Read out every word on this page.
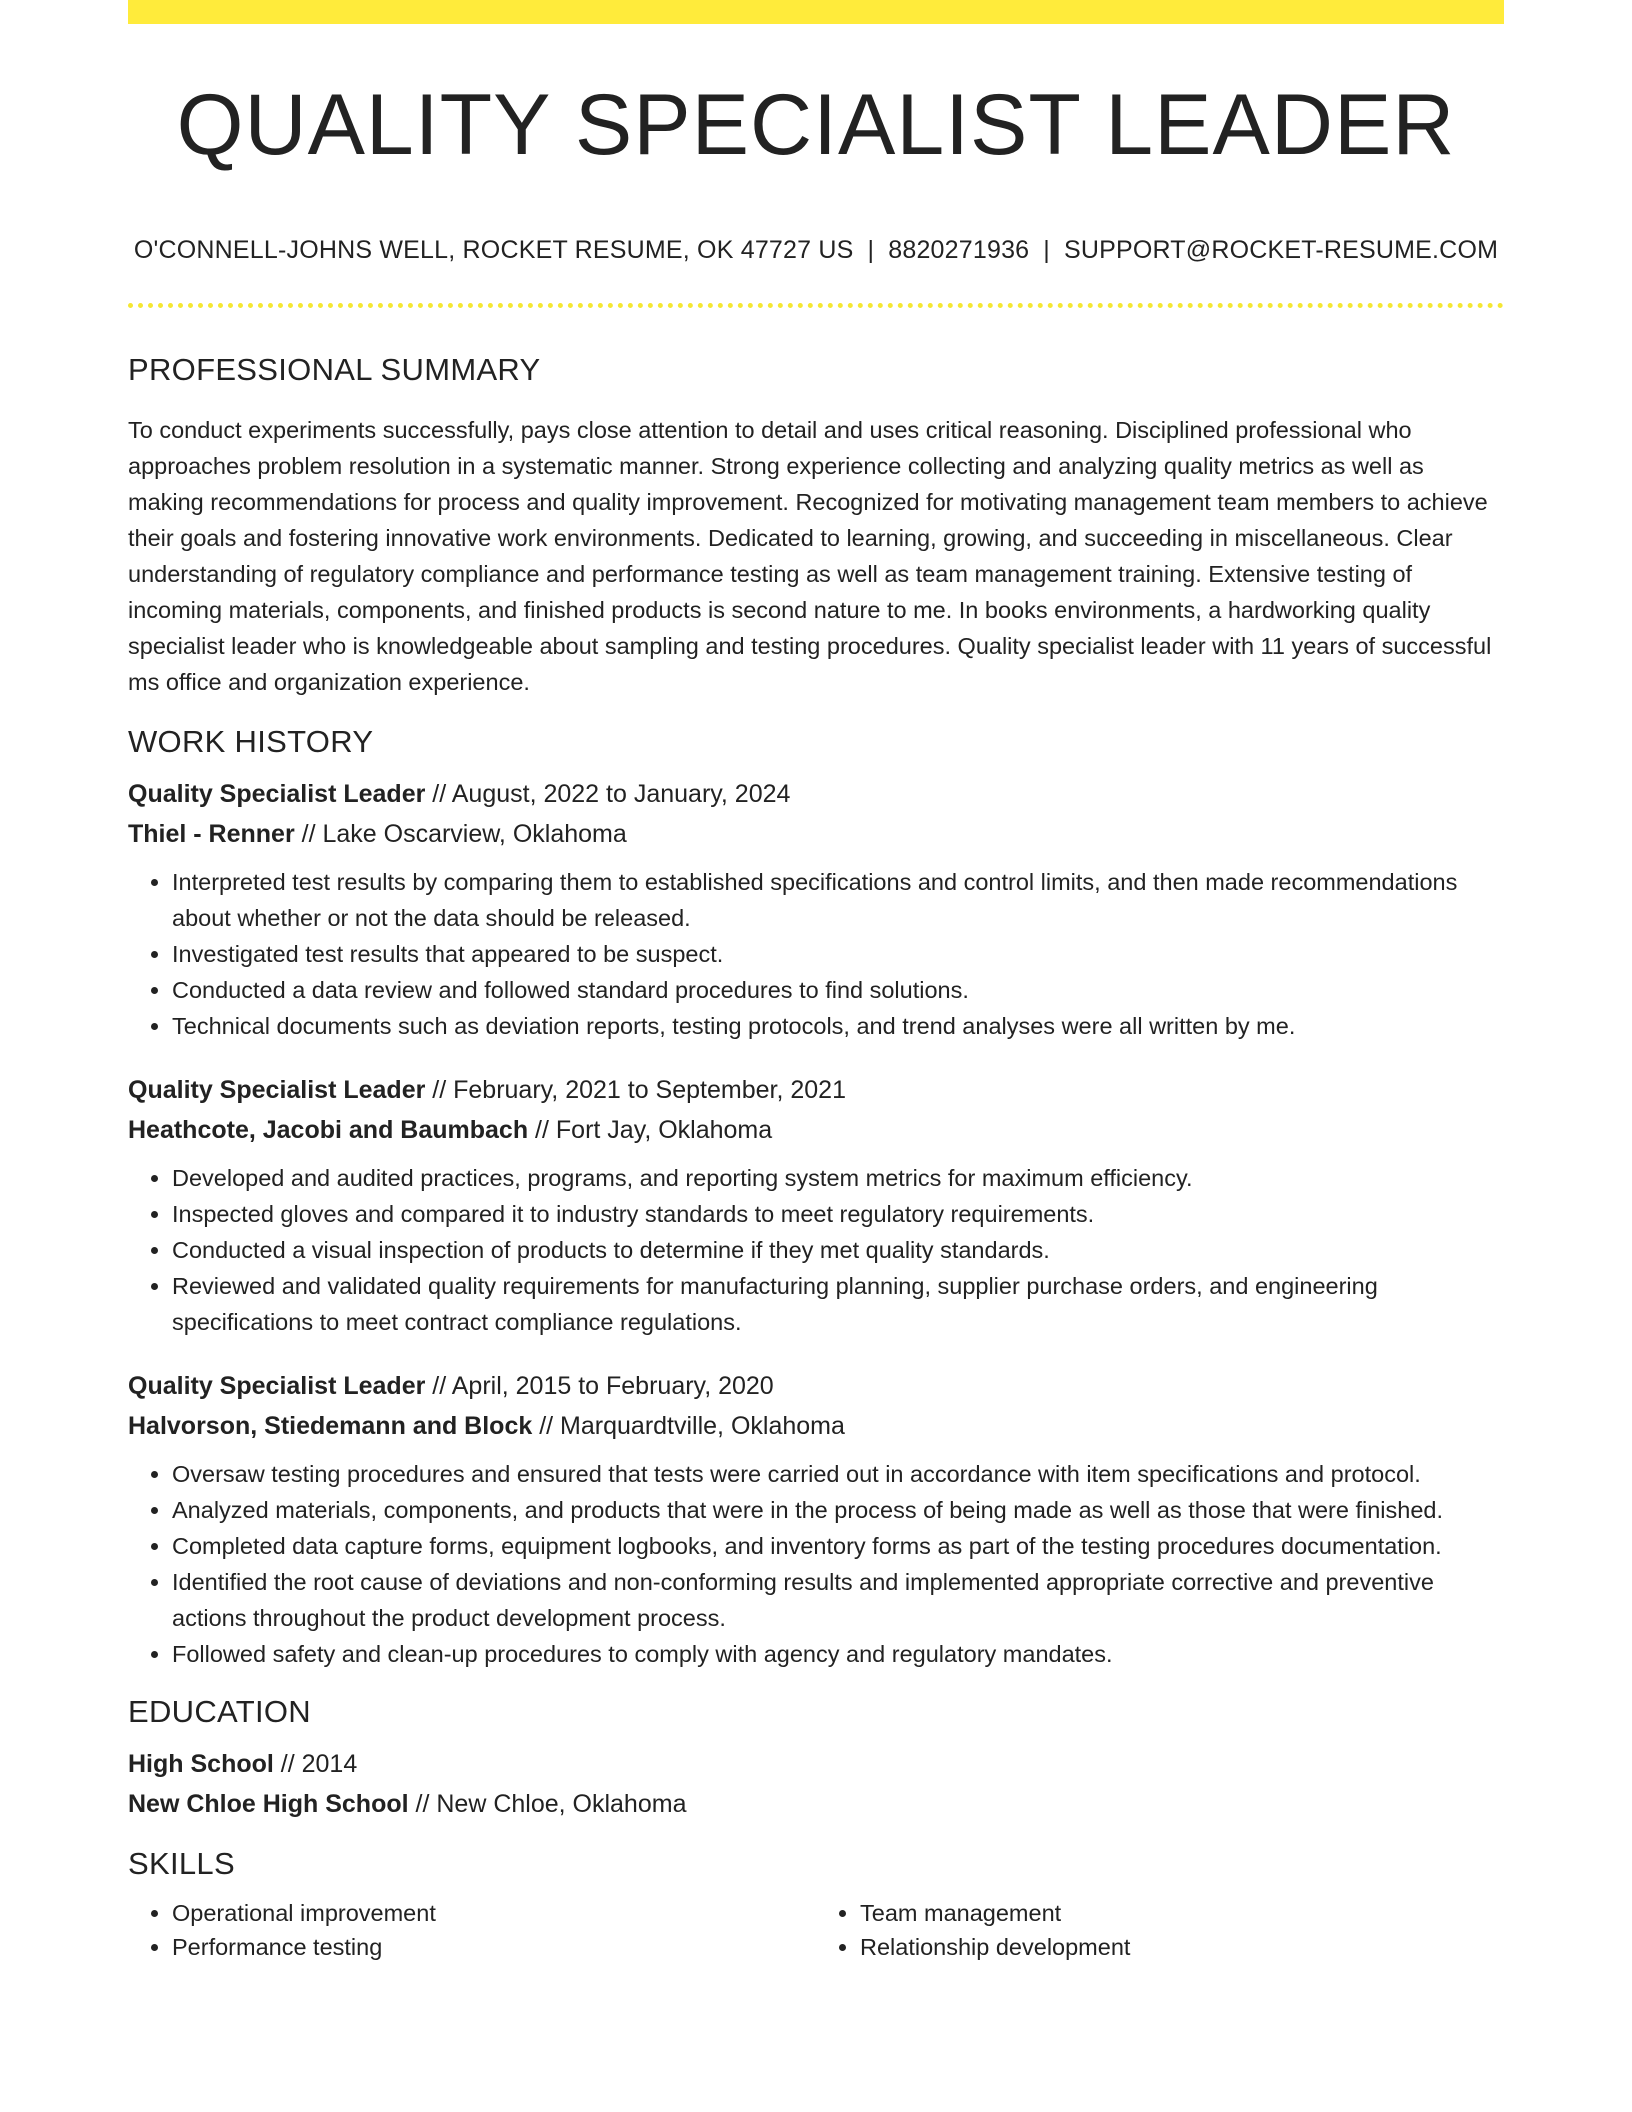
QUALITY SPECIALIST LEADER
O'CONNELL-JOHNS WELL, ROCKET RESUME, OK 47727 US | 8820271936 | SUPPORT@ROCKET-RESUME.COM
PROFESSIONAL SUMMARY

To conduct experiments successfully, pays close attention to detail and uses critical reasoning. Disciplined professional who approaches problem resolution in a systematic manner. Strong experience collecting and analyzing quality metrics as well as making recommendations for process and quality improvement. Recognized for motivating management team members to achieve their goals and fostering innovative work environments. Dedicated to learning, growing, and succeeding in miscellaneous. Clear understanding of regulatory compliance and performance testing as well as team management training. Extensive testing of incoming materials, components, and finished products is second nature to me. In books environments, a hardworking quality specialist leader who is knowledgeable about sampling and testing procedures. Quality specialist leader with 11 years of successful ms office and organization experience.

WORK HISTORY
Quality Specialist Leader // August, 2022 to January, 2024
Thiel - Renner // Lake Oscarview, Oklahoma
• Interpreted test results by comparing them to established specifications and control limits, and then made recommendations about whether or not the data should be released.
• Investigated test results that appeared to be suspect.
• Conducted a data review and followed standard procedures to find solutions.
• Technical documents such as deviation reports, testing protocols, and trend analyses were all written by me.
Quality Specialist Leader // February, 2021 to September, 2021
Heathcote, Jacobi and Baumbach // Fort Jay, Oklahoma
• Developed and audited practices, programs, and reporting system metrics for maximum efficiency.
• Inspected gloves and compared it to industry standards to meet regulatory requirements.
• Conducted a visual inspection of products to determine if they met quality standards.
• Reviewed and validated quality requirements for manufacturing planning, supplier purchase orders, and engineering specifications to meet contract compliance regulations.
Quality Specialist Leader // April, 2015 to February, 2020
Halvorson, Stiedemann and Block // Marquardtville, Oklahoma
• Oversaw testing procedures and ensured that tests were carried out in accordance with item specifications and protocol.
• Analyzed materials, components, and products that were in the process of being made as well as those that were finished.
• Completed data capture forms, equipment logbooks, and inventory forms as part of the testing procedures documentation.
• Identified the root cause of deviations and non-conforming results and implemented appropriate corrective and preventive actions throughout the product development process.
• Followed safety and clean-up procedures to comply with agency and regulatory mandates.
EDUCATION
High School // 2014
New Chloe High School // New Chloe, Oklahoma
SKILLS
• Operational improvement
• Performance testing
• Team management
• Relationship development
